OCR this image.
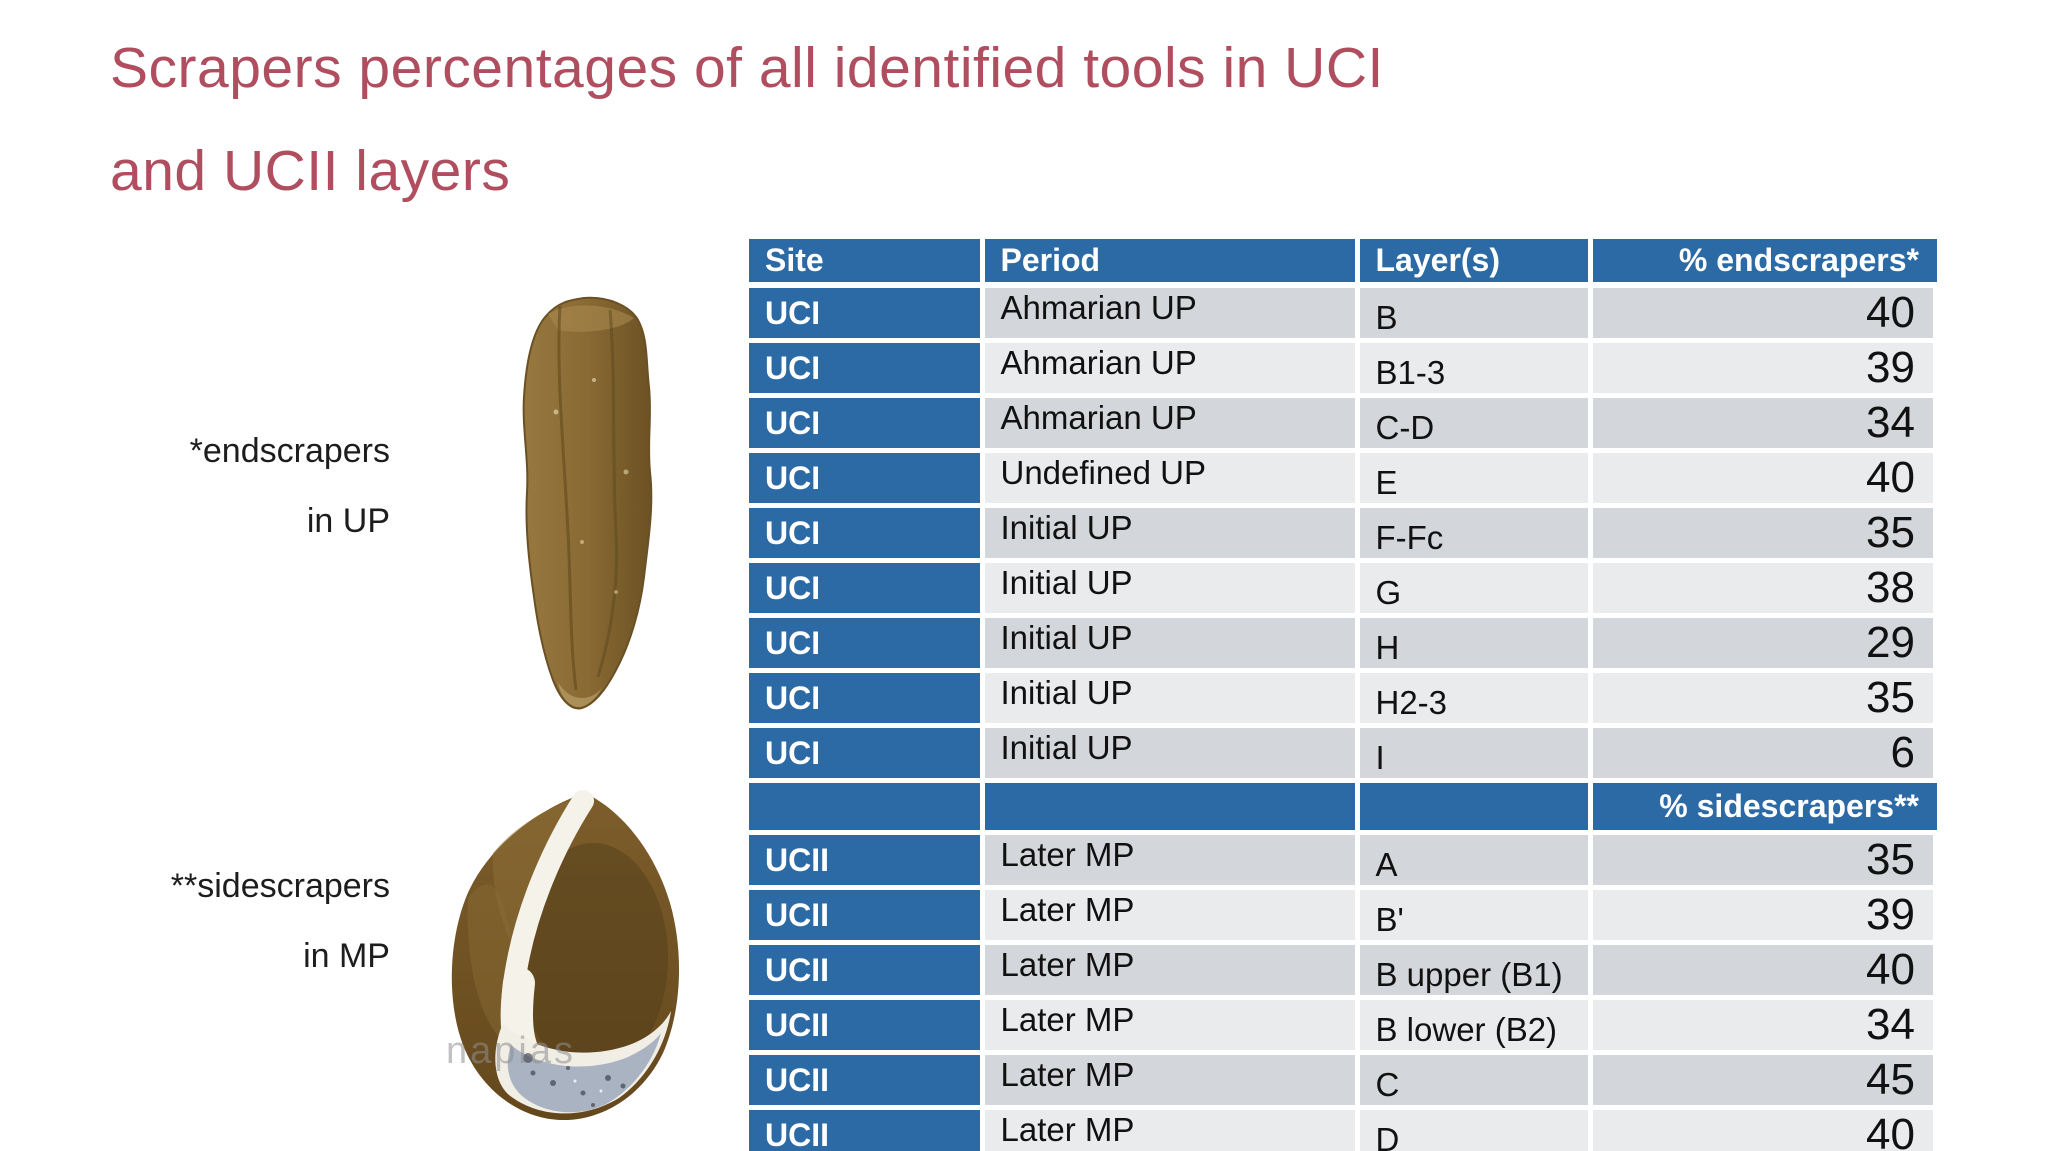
Scrapers percentages of all identified tools in UCI
and UCII layers
*endscrapers
in UP
**sidescrapers
in MP
napias
Site	Period	Layer(s)	% endscrapers*
UCI	Ahmarian UP	B	40
UCI	Ahmarian UP	B1-3	39
UCI	Ahmarian UP	C-D	34
UCI	Undefined UP	E	40
UCI	Initial UP	F-Fc	35
UCI	Initial UP	G	38
UCI	Initial UP	H	29
UCI	Initial UP	H2-3	35
UCI	Initial UP	I	6
			% sidescrapers**
UCII	Later MP	A	35
UCII	Later MP	B'	39
UCII	Later MP	B upper (B1)	40
UCII	Later MP	B lower (B2)	34
UCII	Later MP	C	45
UCII	Later MP	D	40
